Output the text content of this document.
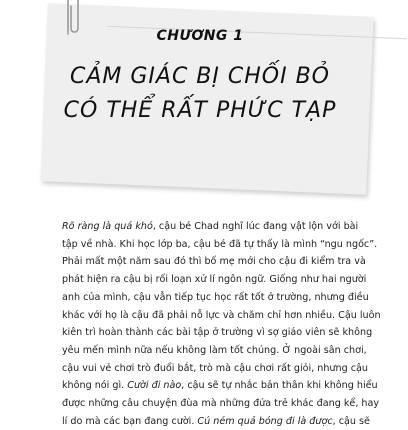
CHƯƠNG 1
CẢM GIÁC BỊ CHỐI BỎ
CÓ THỂ RẤT PHỨC TẠP
Rõ ràng là quá khó, cậu bé Chad nghĩ lúc đang vật lộn với bài
tập về nhà. Khi học lớp ba, cậu bé đã tự thấy là mình “ngu ngốc”.
Phải mất một năm sau đó thì bố mẹ mới cho cậu đi kiểm tra và
phát hiện ra cậu bị rối loạn xử lí ngôn ngữ. Giống như hai người
anh của mình, cậu vẫn tiếp tục học rất tốt ở trường, nhưng điều
khác với họ là cậu đã phải nỗ lực và chăm chỉ hơn nhiều. Cậu luôn
kiên trì hoàn thành các bài tập ở trường vì sợ giáo viên sẽ không
yêu mến mình nữa nếu không làm tốt chúng. Ở ngoài sân chơi,
cậu vui vẻ chơi trò đuổi bắt, trò mà cậu chơi rất giỏi, nhưng cậu
không nói gì. Cười đi nào, cậu sẽ tự nhắc bản thân khi không hiểu
được những câu chuyện đùa mà những đứa trẻ khác đang kể, hay
lí do mà các bạn đang cười. Cú ném quả bóng đi là được, cậu sẽ
